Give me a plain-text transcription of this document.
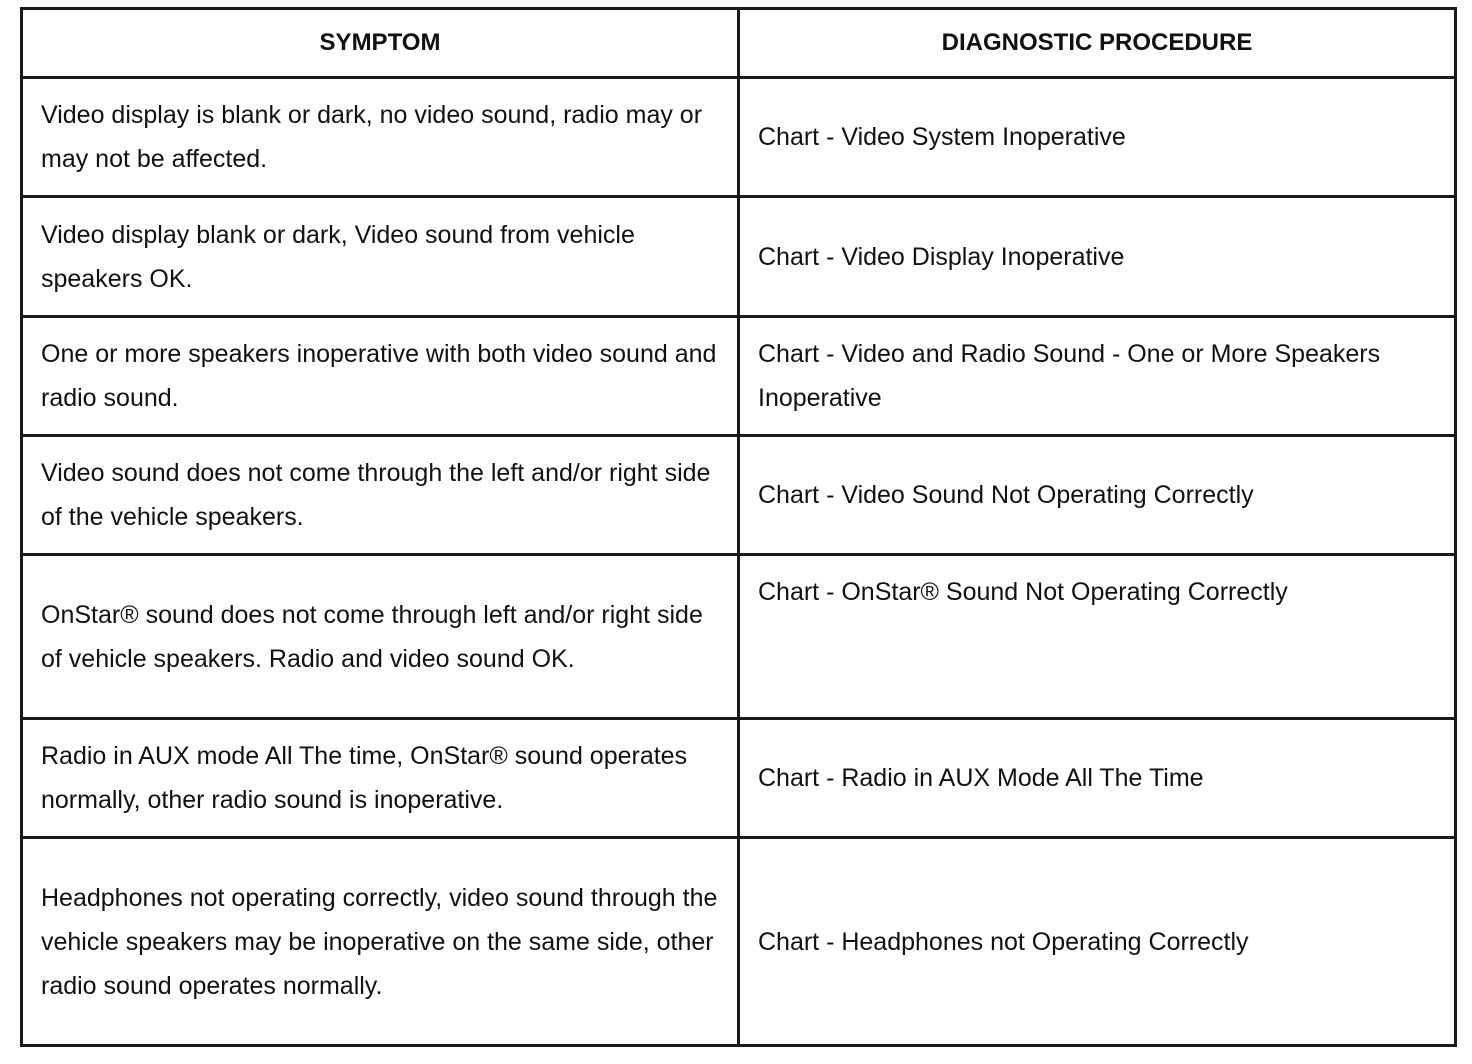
SYMPTOM	DIAGNOSTIC PROCEDURE
Video display is blank or dark, no video sound, radio may or may not be affected.	Chart - Video System Inoperative
Video display blank or dark, Video sound from vehicle speakers OK.	Chart - Video Display Inoperative
One or more speakers inoperative with both video sound and radio sound.	Chart - Video and Radio Sound - One or More Speakers Inoperative
Video sound does not come through the left and/or right side of the vehicle speakers.	Chart - Video Sound Not Operating Correctly
OnStar® sound does not come through left and/or right side of vehicle speakers. Radio and video sound OK.	Chart - OnStar® Sound Not Operating Correctly
Radio in AUX mode All The time, OnStar® sound operates normally, other radio sound is inoperative.	Chart - Radio in AUX Mode All The Time
Headphones not operating correctly, video sound through the vehicle speakers may be inoperative on the same side, other radio sound operates normally.	Chart - Headphones not Operating Correctly
